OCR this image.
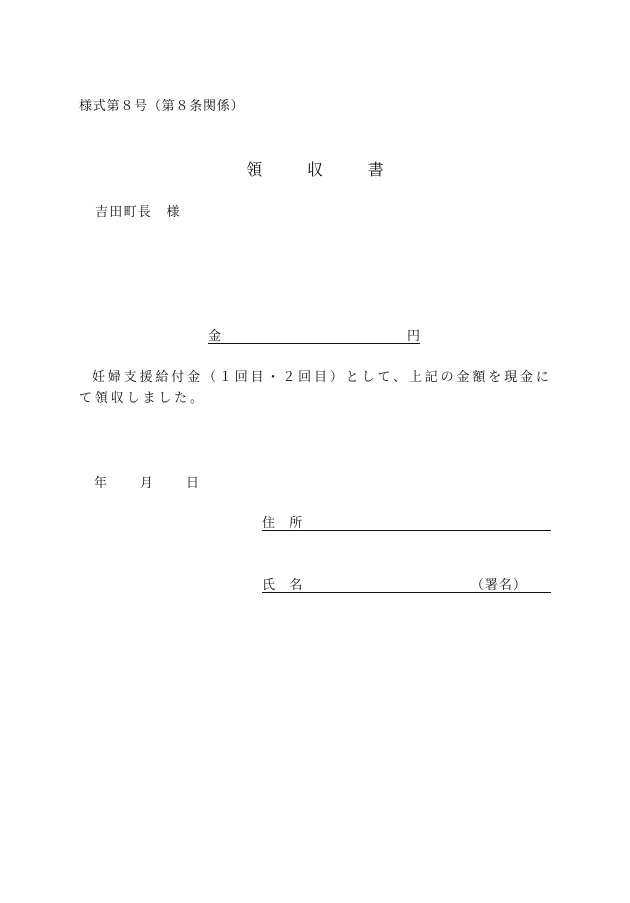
様式第８号（第８条関係）
領　収　書
吉田町長　様
金	円
妊婦支援給付金（１回目・２回目）として、上記の金額を現金にて領収しました。
年	月	日
住所
氏名	（署名）
